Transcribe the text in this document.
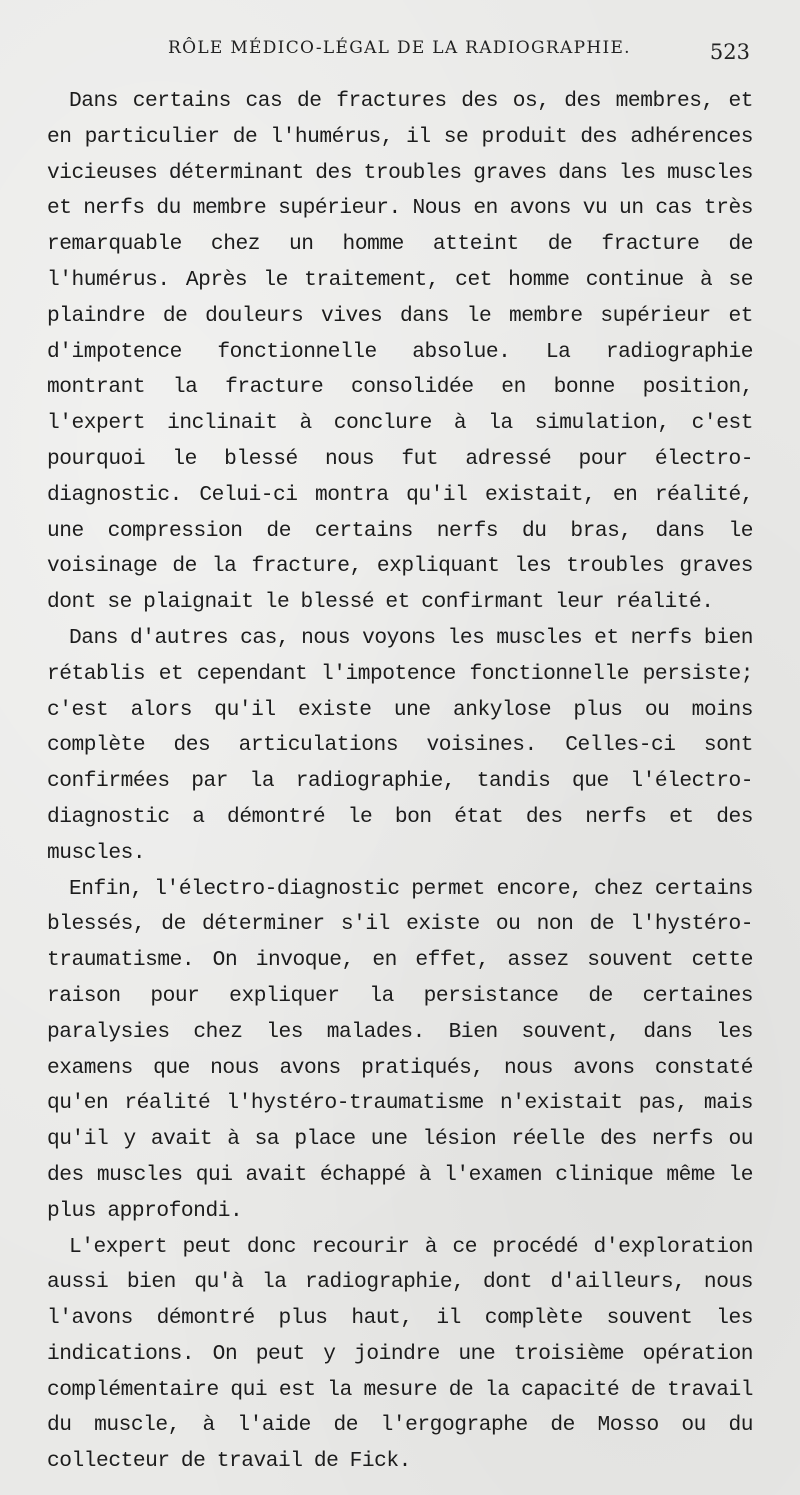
RÔLE MÉDICO-LÉGAL DE LA RADIOGRAPHIE.	523

Dans certains cas de fractures des os, des membres, et en particulier de l'humérus, il se produit des adhérences vicieuses déterminant des troubles graves dans les muscles et nerfs du membre supérieur. Nous en avons vu un cas très remarquable chez un homme atteint de fracture de l'humérus. Après le traitement, cet homme continue à se plaindre de douleurs vives dans le membre supérieur et d'impotence fonctionnelle absolue. La radiographie montrant la fracture consolidée en bonne position, l'expert inclinait à conclure à la simulation, c'est pourquoi le blessé nous fut adressé pour électro-diagnostic. Celui-ci montra qu'il existait, en réalité, une compression de certains nerfs du bras, dans le voisinage de la fracture, expliquant les troubles graves dont se plaignait le blessé et confirmant leur réalité.

Dans d'autres cas, nous voyons les muscles et nerfs bien rétablis et cependant l'impotence fonctionnelle persiste; c'est alors qu'il existe une ankylose plus ou moins complète des articulations voisines. Celles-ci sont confirmées par la radiographie, tandis que l'électro-diagnostic a démontré le bon état des nerfs et des muscles.

Enfin, l'électro-diagnostic permet encore, chez certains blessés, de déterminer s'il existe ou non de l'hystéro-traumatisme. On invoque, en effet, assez souvent cette raison pour expliquer la persistance de certaines paralysies chez les malades. Bien souvent, dans les examens que nous avons pratiqués, nous avons constaté qu'en réalité l'hystéro-traumatisme n'existait pas, mais qu'il y avait à sa place une lésion réelle des nerfs ou des muscles qui avait échappé à l'examen clinique même le plus approfondi.

L'expert peut donc recourir à ce procédé d'exploration aussi bien qu'à la radiographie, dont d'ailleurs, nous l'avons démontré plus haut, il complète souvent les indications. On peut y joindre une troisième opération complémentaire qui est la mesure de la capacité de travail du muscle, à l'aide de l'ergographe de Mosso ou du collecteur de travail de Fick.
